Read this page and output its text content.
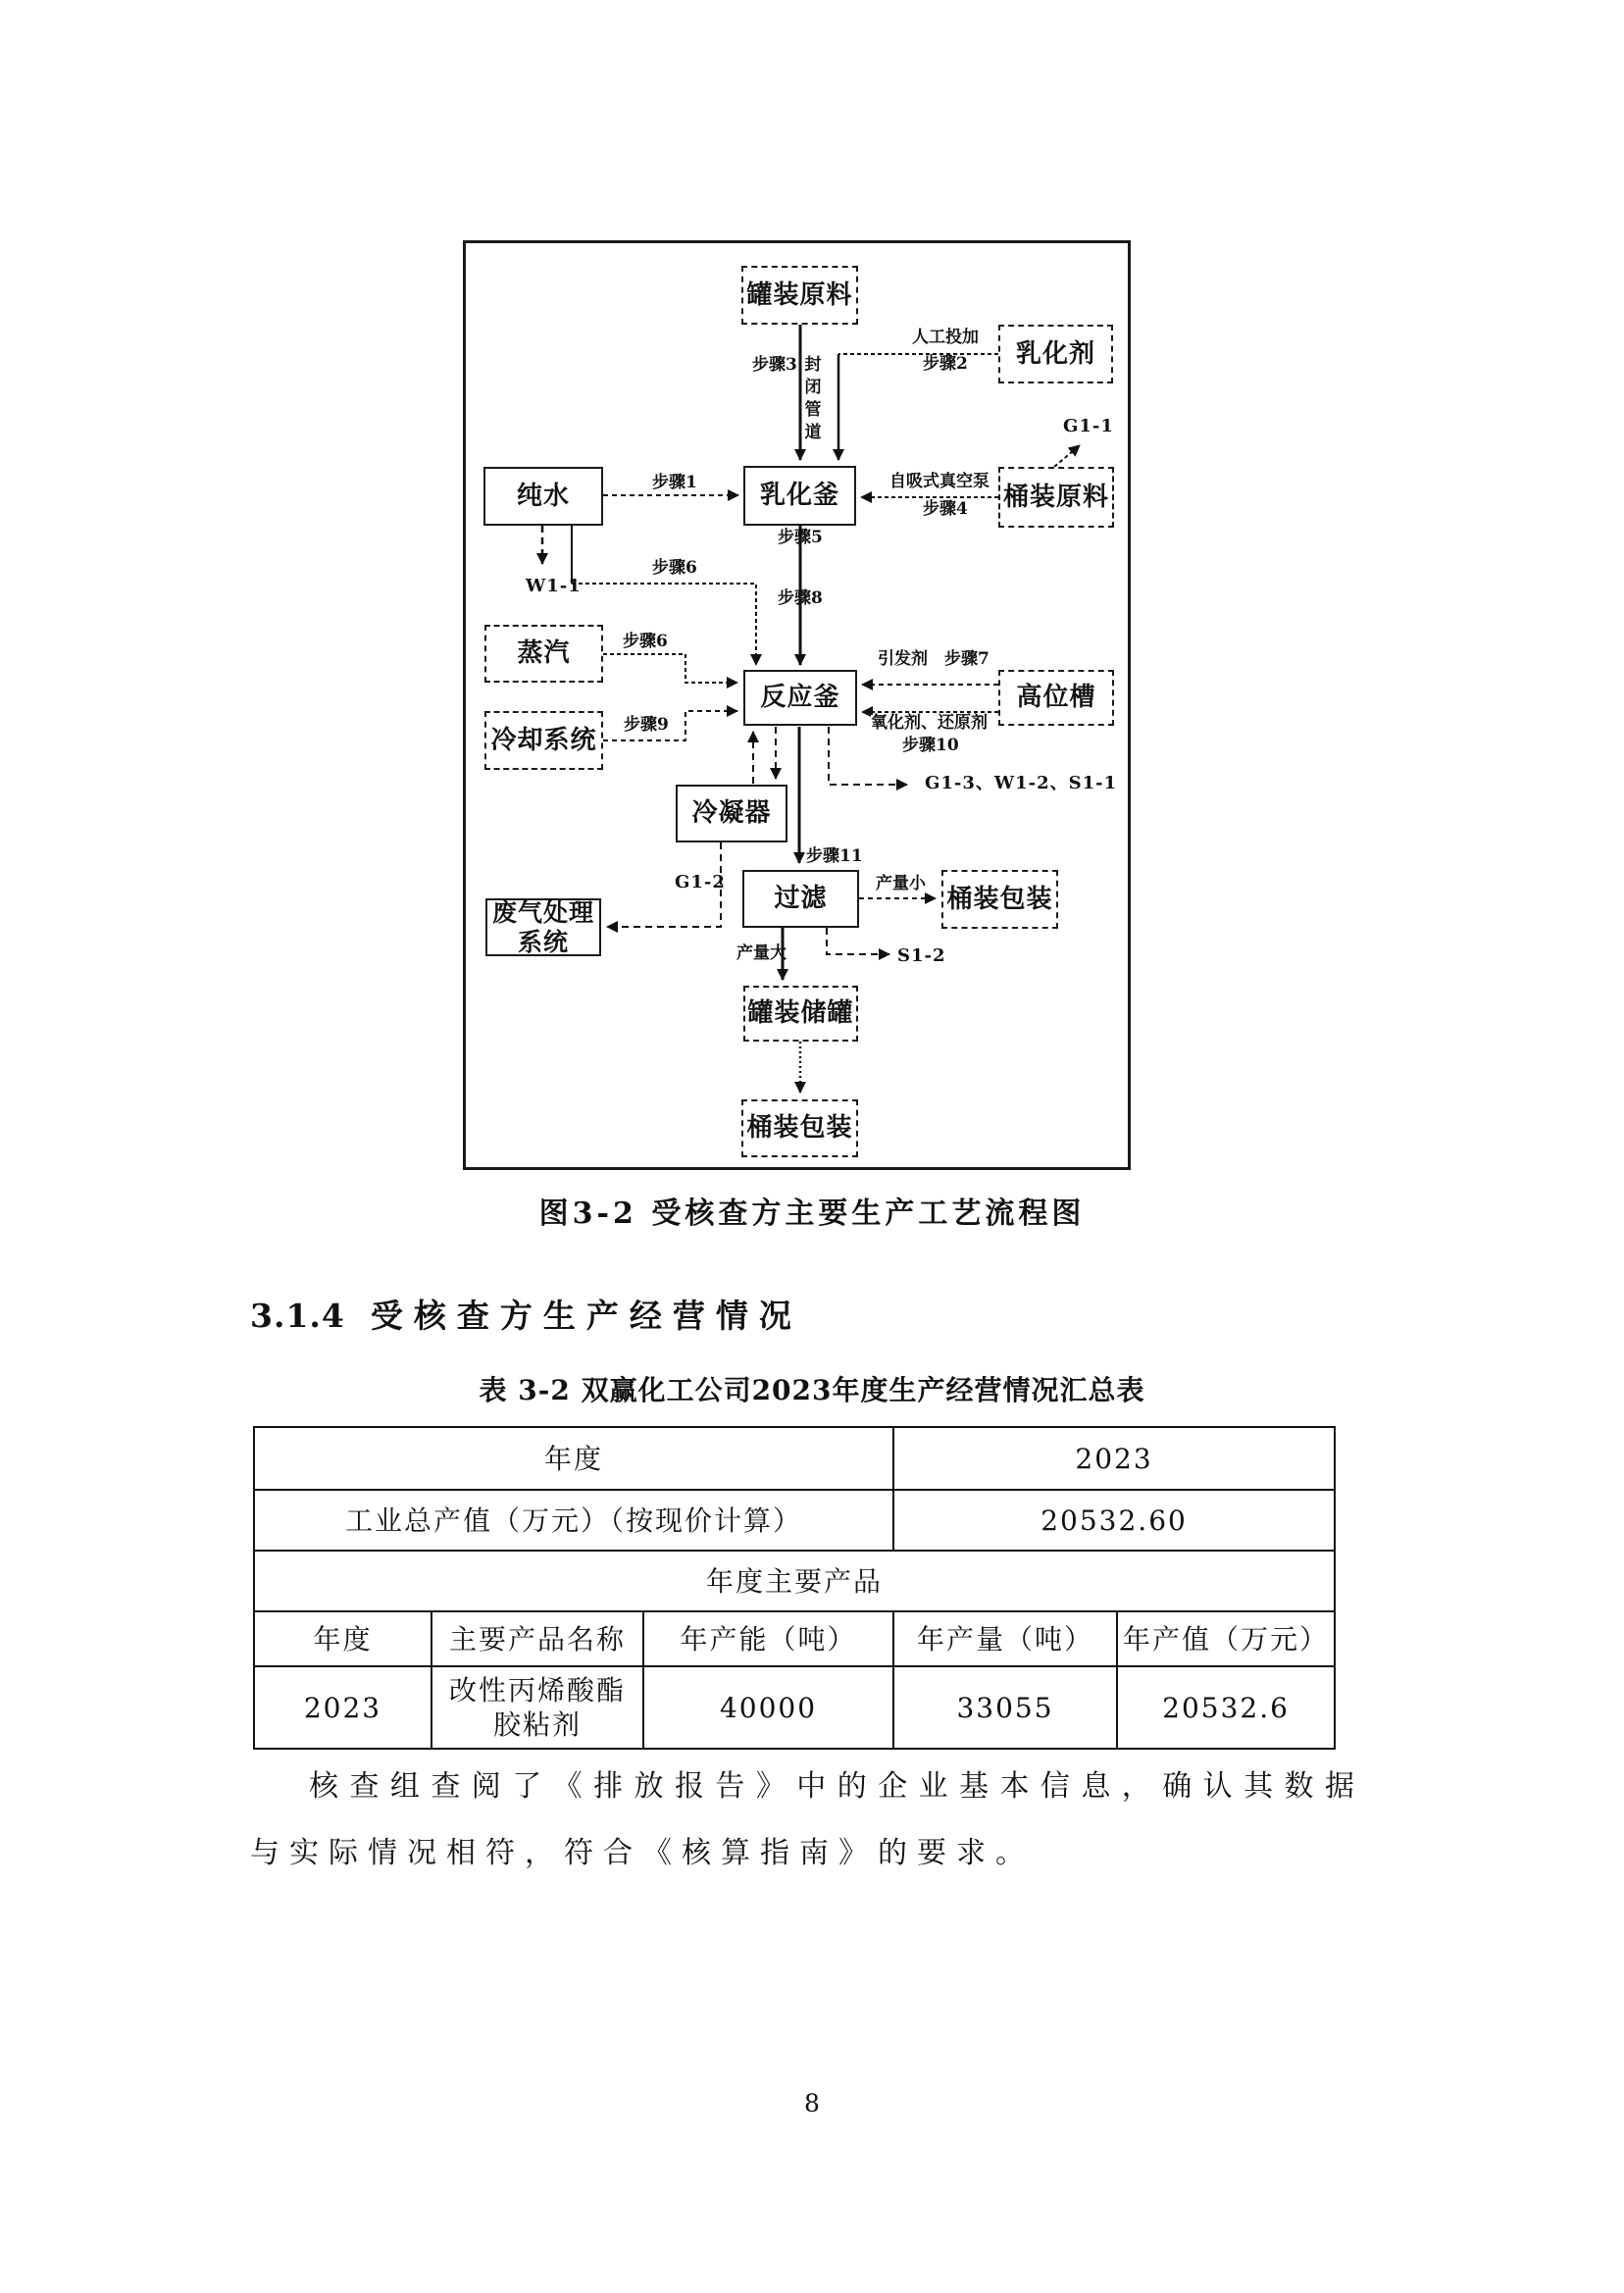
罐装原料
乳化剂
桶装原料
纯水	乳化釜
蒸汽
冷却系统
反应釜	高位槽
冷凝器
过滤
废气处理系统
桶装包装
罐装储罐
桶装包装
人工投加
步骤2
G1-1
步骤3 封闭管道
自吸式真空泵
步骤4
步骤1
W1-1
步骤5
步骤6
步骤8
步骤6
步骤9
引发剂　步骤7
氧化剂、还原剂
步骤10
G1-3、W1-2、S1-1
步骤11
G1-2	产量小
产量大	S1-2
图3-2 受核查方主要生产工艺流程图
3.1.4 受核查方生产经营情况
表 3-2 双赢化工公司2023年度生产经营情况汇总表
年度			2023	
工业总产值（万元）（按现价计算）			20532.60	
年度主要产品				
年度	主要产品名称	年产能（吨）	年产量（吨）	年产值（万元）
2023	改性丙烯酸酯胶粘剂	40000	33055	20532.6
核查组查阅了《排放报告》中的企业基本信息，确认其数据与实际情况相符，符合《核算指南》的要求。
8
